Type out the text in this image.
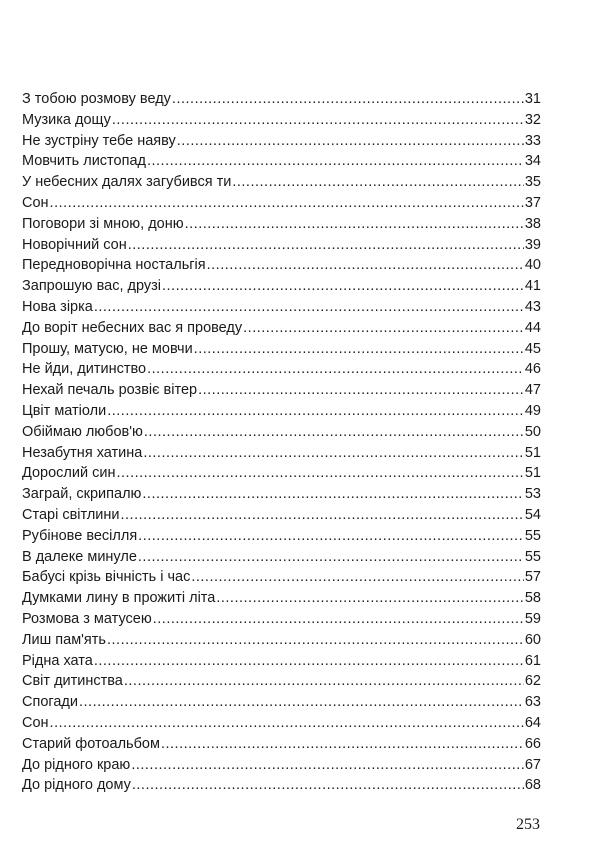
З тобою розмову веду .....	31
Музика дощу .....	32
Не зустріну тебе наяву .....	33
Мовчить листопад .....	34
У небесних далях загубився ти .....	35
Сон .....	37
Поговори зі мною, доню .....	38
Новорічний сон .....	39
Передноворічна ностальгія .....	40
Запрошую вас, друзі .....	41
Нова зірка .....	43
До воріт небесних вас я проведу .....	44
Прошу, матусю, не мовчи .....	45
Не йди, дитинство .....	46
Нехай печаль розвіє вітер .....	47
Цвіт матіоли .....	49
Обіймаю любов'ю .....	50
Незабутня хатина .....	51
Дорослий син .....	51
Заграй, скрипалю .....	53
Старі світлини .....	54
Рубінове весілля .....	55
В далеке минуле .....	55
Бабусі крізь вічність і час .....	57
Думками лину в прожиті літа .....	58
Розмова з матусею .....	59
Лиш пам'ять .....	60
Рідна хата .....	61
Світ дитинства .....	62
Спогади .....	63
Сон .....	64
Старий фотоальбом .....	66
До рідного краю .....	67
До рідного дому .....	68
253
